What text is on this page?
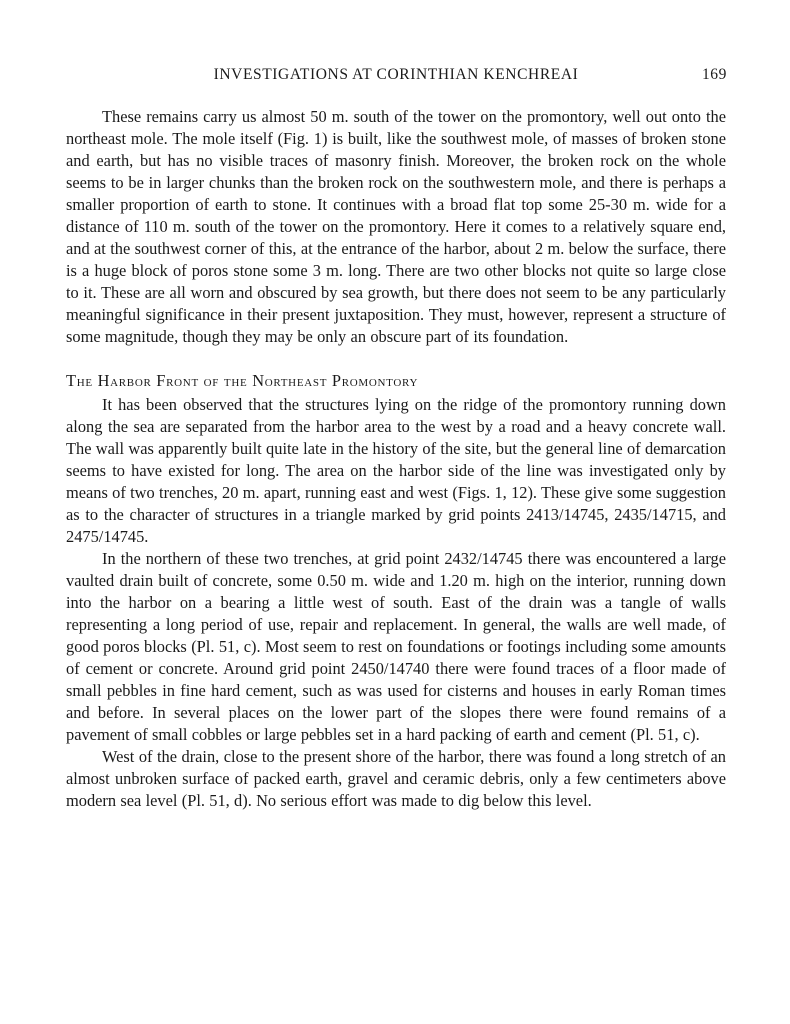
INVESTIGATIONS AT CORINTHIAN KENCHREAI	169

These remains carry us almost 50 m. south of the tower on the promontory, well out onto the northeast mole. The mole itself (Fig. 1) is built, like the southwest mole, of masses of broken stone and earth, but has no visible traces of masonry finish. Moreover, the broken rock on the whole seems to be in larger chunks than the broken rock on the southwestern mole, and there is perhaps a smaller proportion of earth to stone. It continues with a broad flat top some 25-30 m. wide for a distance of 110 m. south of the tower on the promontory. Here it comes to a relatively square end, and at the southwest corner of this, at the entrance of the harbor, about 2 m. below the surface, there is a huge block of poros stone some 3 m. long. There are two other blocks not quite so large close to it. These are all worn and obscured by sea growth, but there does not seem to be any particularly meaningful significance in their present juxtaposition. They must, however, represent a structure of some magnitude, though they may be only an obscure part of its foundation.

The Harbor Front of the Northeast Promontory

It has been observed that the structures lying on the ridge of the promontory running down along the sea are separated from the harbor area to the west by a road and a heavy concrete wall. The wall was apparently built quite late in the history of the site, but the general line of demarcation seems to have existed for long. The area on the harbor side of the line was investigated only by means of two trenches, 20 m. apart, running east and west (Figs. 1, 12). These give some suggestion as to the character of structures in a triangle marked by grid points 2413/14745, 2435/14715, and 2475/14745.

In the northern of these two trenches, at grid point 2432/14745 there was encountered a large vaulted drain built of concrete, some 0.50 m. wide and 1.20 m. high on the interior, running down into the harbor on a bearing a little west of south. East of the drain was a tangle of walls representing a long period of use, repair and replacement. In general, the walls are well made, of good poros blocks (Pl. 51, c). Most seem to rest on foundations or footings including some amounts of cement or concrete. Around grid point 2450/14740 there were found traces of a floor made of small pebbles in fine hard cement, such as was used for cisterns and houses in early Roman times and before. In several places on the lower part of the slopes there were found remains of a pavement of small cobbles or large pebbles set in a hard packing of earth and cement (Pl. 51, c).

West of the drain, close to the present shore of the harbor, there was found a long stretch of an almost unbroken surface of packed earth, gravel and ceramic debris, only a few centimeters above modern sea level (Pl. 51, d). No serious effort was made to dig below this level.
